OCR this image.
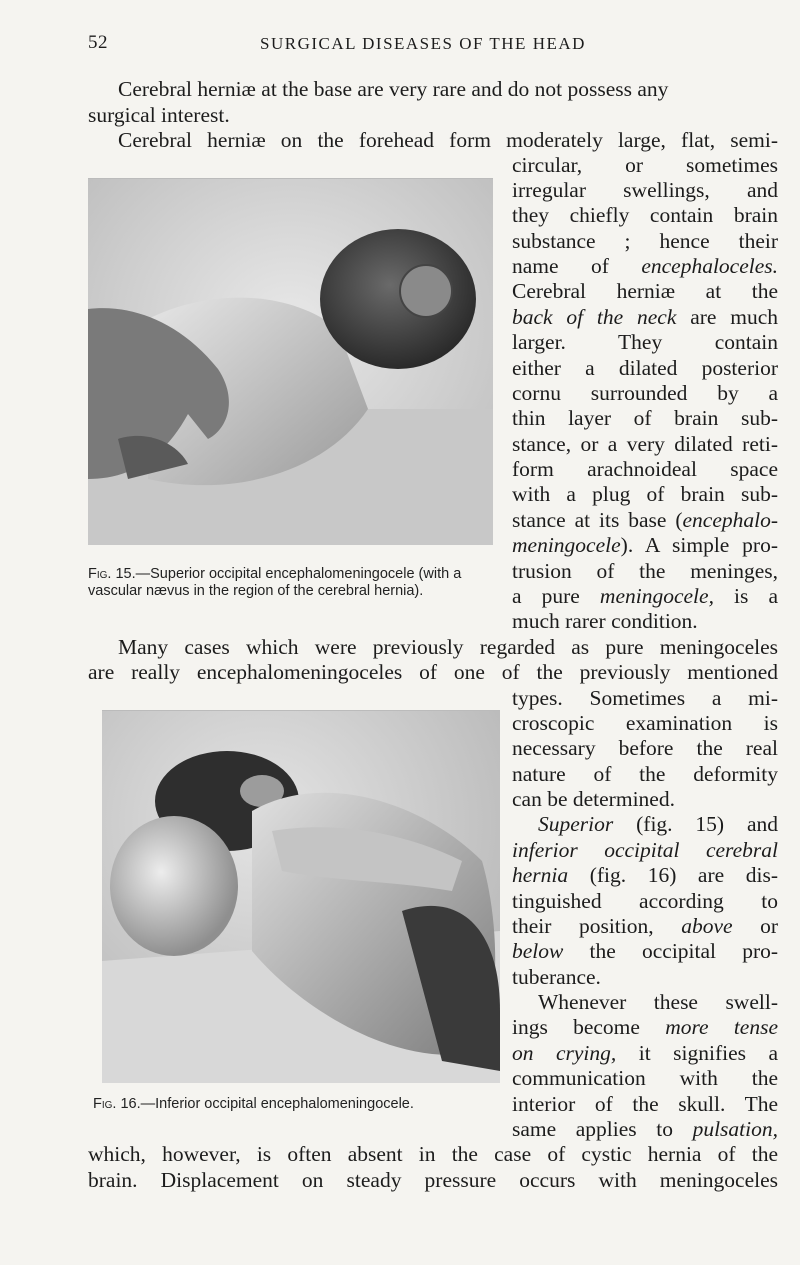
52	SURGICAL DISEASES OF THE HEAD
Cerebral herniæ at the base are very rare and do not possess any
surgical interest.
Cerebral herniæ on the forehead form moderately large, flat, semi-
Fig. 15.—Superior occipital encephalomeningocele (with a vascular nævus in the region of the cerebral hernia).
circular, or sometimes
irregular swellings, and
they chiefly contain brain
substance ; hence their
name of encephaloceles.
Cerebral herniæ at the
back of the neck are much
larger. They contain
either a dilated posterior
cornu surrounded by a
thin layer of brain sub-
stance, or a very dilated reti-
form arachnoideal space
with a plug of brain sub-
stance at its base (encephalo-
meningocele). A simple pro-
trusion of the meninges,
a pure meningocele, is a
much rarer condition.
Many cases which were previously regarded as pure meningoceles
are really encephalomeningoceles of one of the previously mentioned
Fig. 16.—Inferior occipital encephalomeningocele.
types. Sometimes a mi-
croscopic examination is
necessary before the real
nature of the deformity
can be determined.
Superior (fig. 15) and
inferior occipital cerebral
hernia (fig. 16) are dis-
tinguished according to
their position, above or
below the occipital pro-
tuberance.
Whenever these swell-
ings become more tense
on crying, it signifies a
communication with the
interior of the skull. The
same applies to pulsation,
which, however, is often absent in the case of cystic hernia of the
brain. Displacement on steady pressure occurs with meningoceles
